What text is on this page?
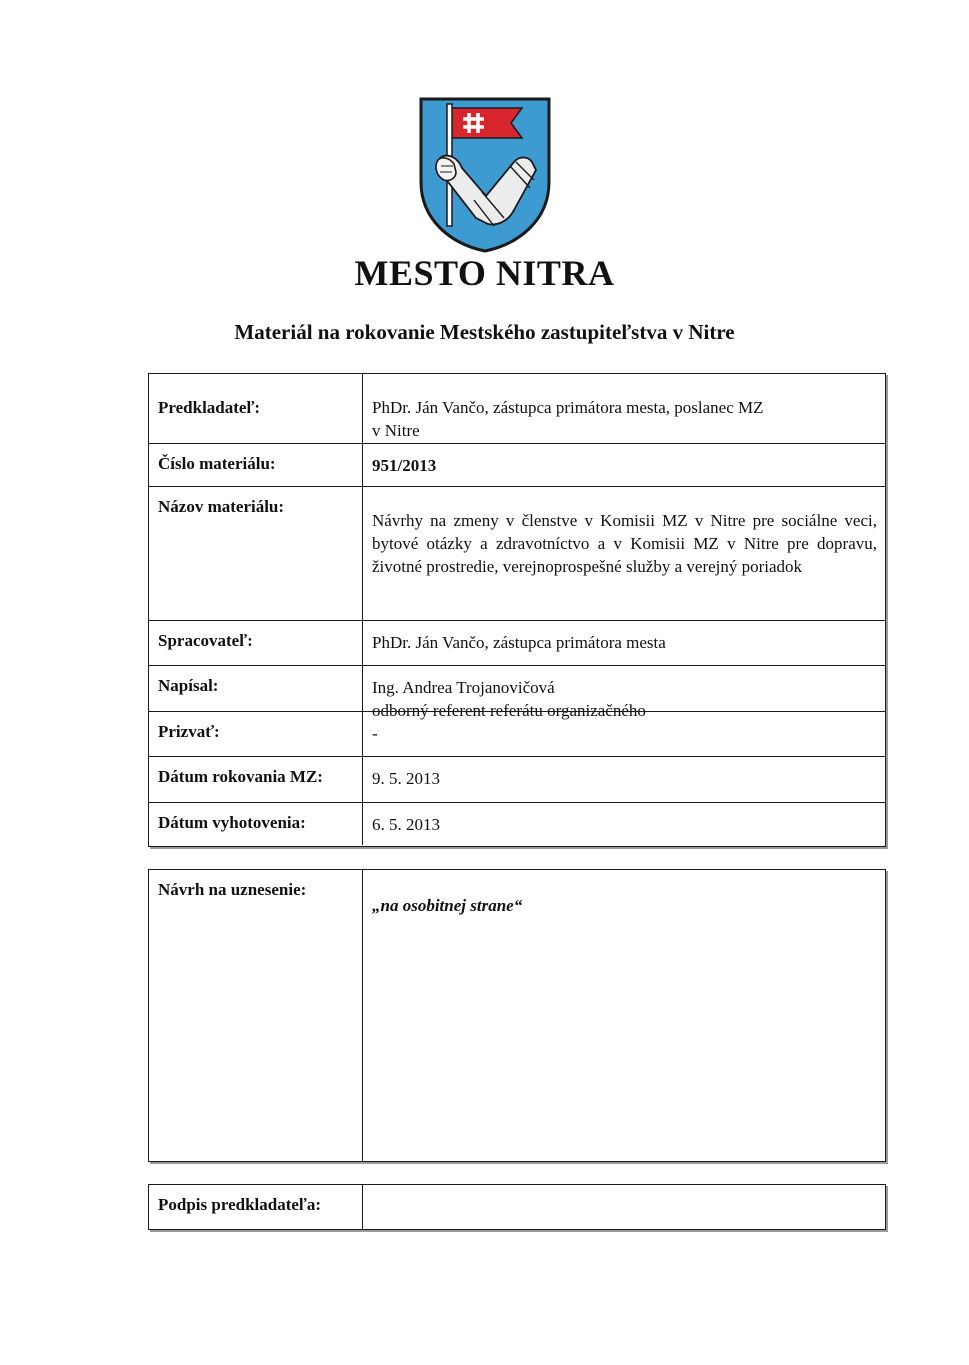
MESTO NITRA
Materiál na rokovanie Mestského zastupiteľstva v Nitre
Predkladateľ:	PhDr. Ján Vančo, zástupca primátora mesta, poslanec MZ
v Nitre
Číslo materiálu:	951/2013
Názov materiálu:
Návrhy na zmeny v členstve v Komisii MZ v Nitre pre sociálne veci, bytové otázky a zdravotníctvo a v Komisii MZ v Nitre pre dopravu, životné prostredie, verejnoprospešné služby a verejný poriadok
Spracovateľ:	PhDr. Ján Vančo, zástupca primátora mesta
Napísal:	Ing. Andrea Trojanovičová
odborný referent referátu organizačného
Prizvať:	-
Dátum rokovania MZ:	9. 5. 2013
Dátum vyhotovenia:	6. 5. 2013
Návrh na uznesenie:
„na osobitnej strane“
Podpis predkladateľa:
